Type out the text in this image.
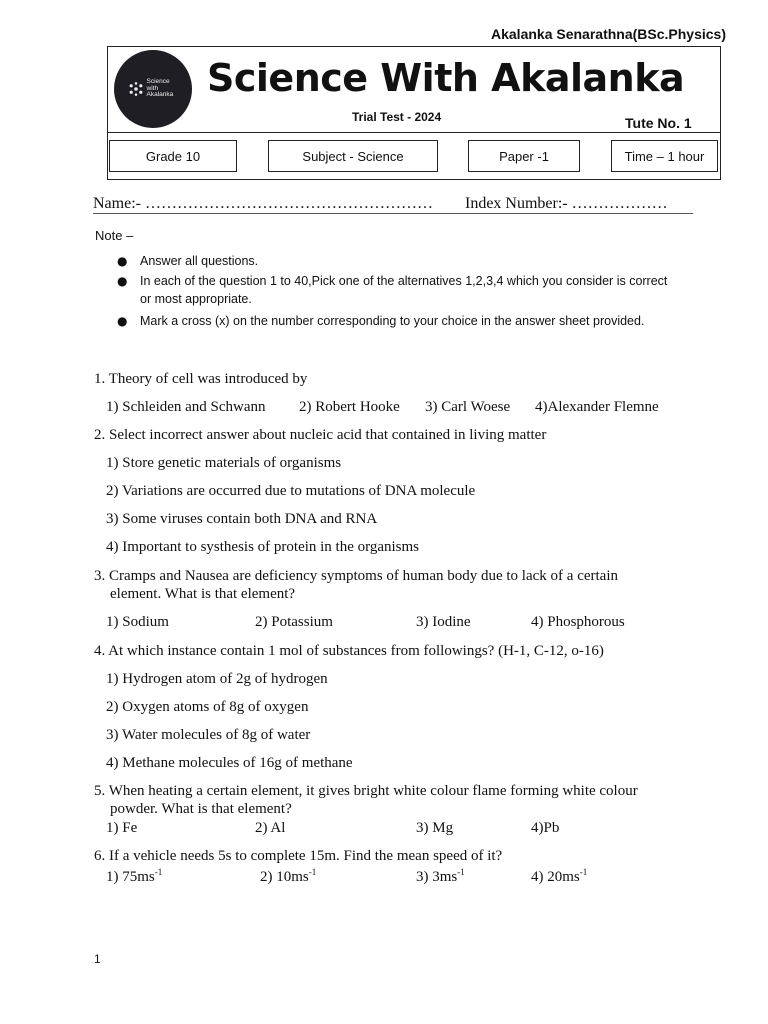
Akalanka Senarathna(BSc.Physics)
Science
with
Akalanka Science With Akalanka
Trial Test - 2024	Tute No. 1
Grade 10	Subject - Science	Paper -1	Time – 1 hour
Name:- ……………………………………………… Index Number:- ………………
Note –
● Answer all questions.
● In each of the question 1 to 40,Pick one of the alternatives 1,2,3,4 which you consider is correct
or most appropriate.
● Mark a cross (x) on the number corresponding to your choice in the answer sheet provided.
1. Theory of cell was introduced by
1) Schleiden and Schwann 2) Robert Hooke 3) Carl Woese 4)Alexander Flemne
2. Select incorrect answer about nucleic acid that contained in living matter
1) Store genetic materials of organisms
2) Variations are occurred due to mutations of DNA molecule
3) Some viruses contain both DNA and RNA
4) Important to systhesis of protein in the organisms
3. Cramps and Nausea are deficiency symptoms of human body due to lack of a certain
element. What is that element?
1) Sodium	2) Potassium	3) Iodine	4) Phosphorous
4. At which instance contain 1 mol of substances from followings? (H-1, C-12, o-16)
1) Hydrogen atom of 2g of hydrogen
2) Oxygen atoms of 8g of oxygen
3) Water molecules of 8g of water
4) Methane molecules of 16g of methane
5. When heating a certain element, it gives bright white colour flame forming white colour
powder. What is that element?
1) Fe	2) Al	3) Mg	4)Pb
6. If a vehicle needs 5s to complete 15m. Find the mean speed of it?
1) $75ms^{-1}$	2) $10ms^{-1}$	3) $3ms^{-1}$	4) $20ms^{-1}$
1
